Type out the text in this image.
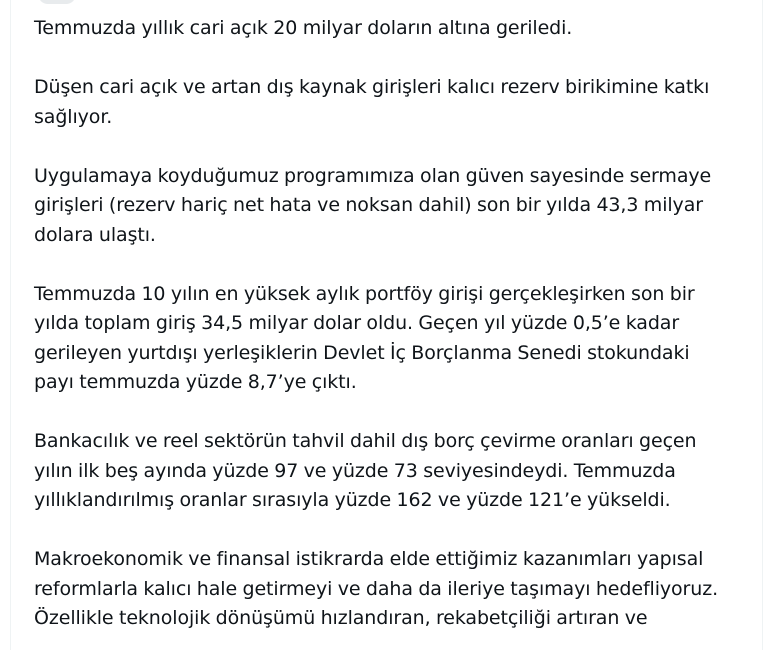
Temmuzda yıllık cari açık 20 milyar doların altına geriledi.

Düşen cari açık ve artan dış kaynak girişleri kalıcı rezerv birikimine katkı
sağlıyor.

Uygulamaya koyduğumuz programımıza olan güven sayesinde sermaye
girişleri (rezerv hariç net hata ve noksan dahil) son bir yılda 43,3 milyar
dolara ulaştı.

Temmuzda 10 yılın en yüksek aylık portföy girişi gerçekleşirken son bir
yılda toplam giriş 34,5 milyar dolar oldu. Geçen yıl yüzde 0,5’e kadar
gerileyen yurtdışı yerleşiklerin Devlet İç Borçlanma Senedi stokundaki
payı temmuzda yüzde 8,7’ye çıktı.

Bankacılık ve reel sektörün tahvil dahil dış borç çevirme oranları geçen
yılın ilk beş ayında yüzde 97 ve yüzde 73 seviyesindeydi. Temmuzda
yıllıklandırılmış oranlar sırasıyla yüzde 162 ve yüzde 121’e yükseldi.

Makroekonomik ve finansal istikrarda elde ettiğimiz kazanımları yapısal
reformlarla kalıcı hale getirmeyi ve daha da ileriye taşımayı hedefliyoruz.
Özellikle teknolojik dönüşümü hızlandıran, rekabetçiliği artıran ve
